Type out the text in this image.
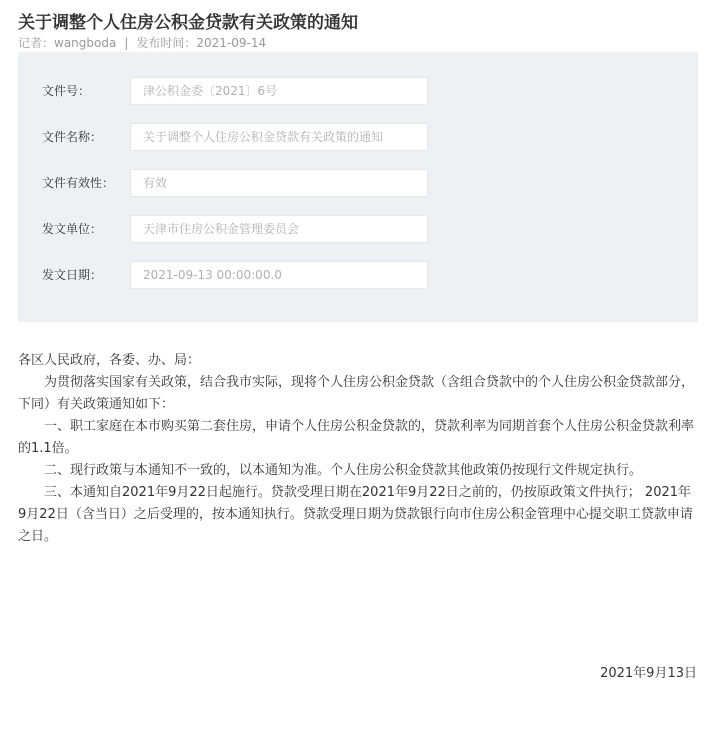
关于调整个人住房公积金贷款有关政策的通知
记者：wangboda | 发布时间：2021-09-14
文件号：	津公积金委〔2021〕6号
文件名称：	关于调整个人住房公积金贷款有关政策的通知
文件有效性：	有效
发文单位：	天津市住房公积金管理委员会
发文日期：	2021-09-13 00:00:00.0

各区人民政府，各委、办、局：

为贯彻落实国家有关政策，结合我市实际，现将个人住房公积金贷款（含组合贷款中的个人住房公积金贷款部分，下同）有关政策通知如下：

一、职工家庭在本市购买第二套住房，申请个人住房公积金贷款的，贷款利率为同期首套个人住房公积金贷款利率的1.1倍。

二、现行政策与本通知不一致的，以本通知为准。个人住房公积金贷款其他政策仍按现行文件规定执行。

三、本通知自2021年9月22日起施行。贷款受理日期在2021年9月22日之前的，仍按原政策文件执行； 2021年9月22日（含当日）之后受理的，按本通知执行。贷款受理日期为贷款银行向市住房公积金管理中心提交职工贷款申请之日。

2021年9月13日
